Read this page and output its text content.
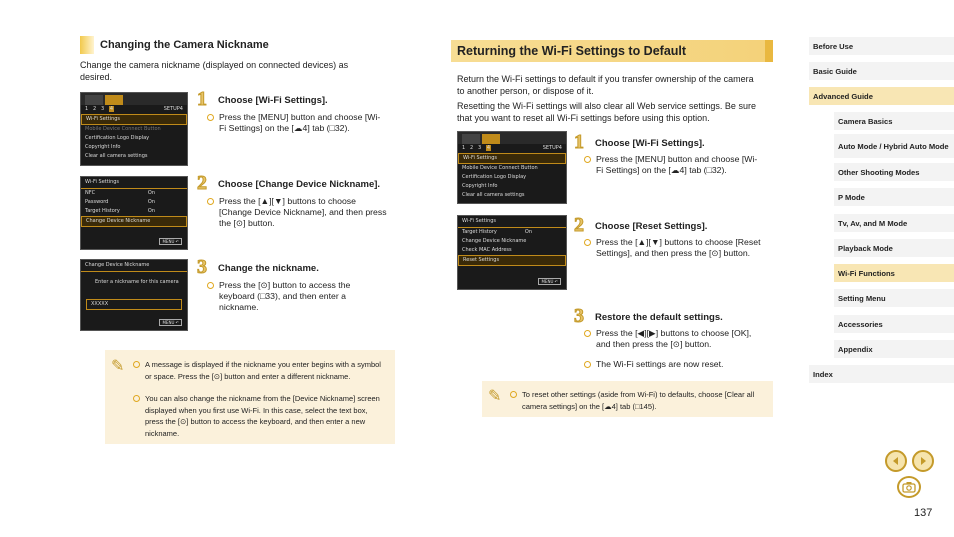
Changing the Camera Nickname
Change the camera nickname (displayed on connected devices) as desired.
1 2 3 4	SETUP4
Wi-Fi Settings
Mobile Device Connect Button
Certification Logo Display
Copyright Info
Clear all camera settings
1 Choose [Wi-Fi Settings].
Press the [MENU] button and choose [Wi-Fi Settings] on the [☁4] tab (□32).
Wi-Fi Settings
NFC	On
Password	On
Target History	On
Change Device Nickname
MENU ↶
2 Choose [Change Device Nickname].
Press the [▲][▼] buttons to choose [Change Device Nickname], and then press the [⊙] button.
Change Device Nickname
Enter a nickname for this camera
XXXXX
MENU ↶
3 Change the nickname.
Press the [⊙] button to access the keyboard (□33), and then enter a nickname.
✎	A message is displayed if the nickname you enter begins with a symbol or space. Press the [⊙] button and enter a different nickname.
You can also change the nickname from the [Device Nickname] screen displayed when you first use Wi-Fi. In this case, select the text box, press the [⊙] button to access the keyboard, and then enter a new nickname.
Returning the Wi-Fi Settings to Default
Return the Wi-Fi settings to default if you transfer ownership of the camera to another person, or dispose of it.
Resetting the Wi-Fi settings will also clear all Web service settings. Be sure that you want to reset all Wi-Fi settings before using this option.
1 2 3 4	SETUP4
Wi-Fi Settings
Mobile Device Connect Button
Certification Logo Display
Copyright Info
Clear all camera settings
1 Choose [Wi-Fi Settings].
Press the [MENU] button and choose [Wi-Fi Settings] on the [☁4] tab (□32).
Wi-Fi Settings
Target History	On
Change Device Nickname
Check MAC Address
Reset Settings
MENU ↶
2 Choose [Reset Settings].
Press the [▲][▼] buttons to choose [Reset Settings], and then press the [⊙] button.
3 Restore the default settings.
Press the [◀][▶] buttons to choose [OK], and then press the [⊙] button.
The Wi-Fi settings are now reset.
✎	To reset other settings (aside from Wi-Fi) to defaults, choose [Clear all camera settings] on the [☁4] tab (□145).
Before Use
Basic Guide
Advanced Guide
Camera Basics
Auto Mode / Hybrid Auto Mode
Other Shooting Modes
P Mode
Tv, Av, and M Mode
Playback Mode
Wi-Fi Functions
Setting Menu
Accessories
Appendix
Index
137
